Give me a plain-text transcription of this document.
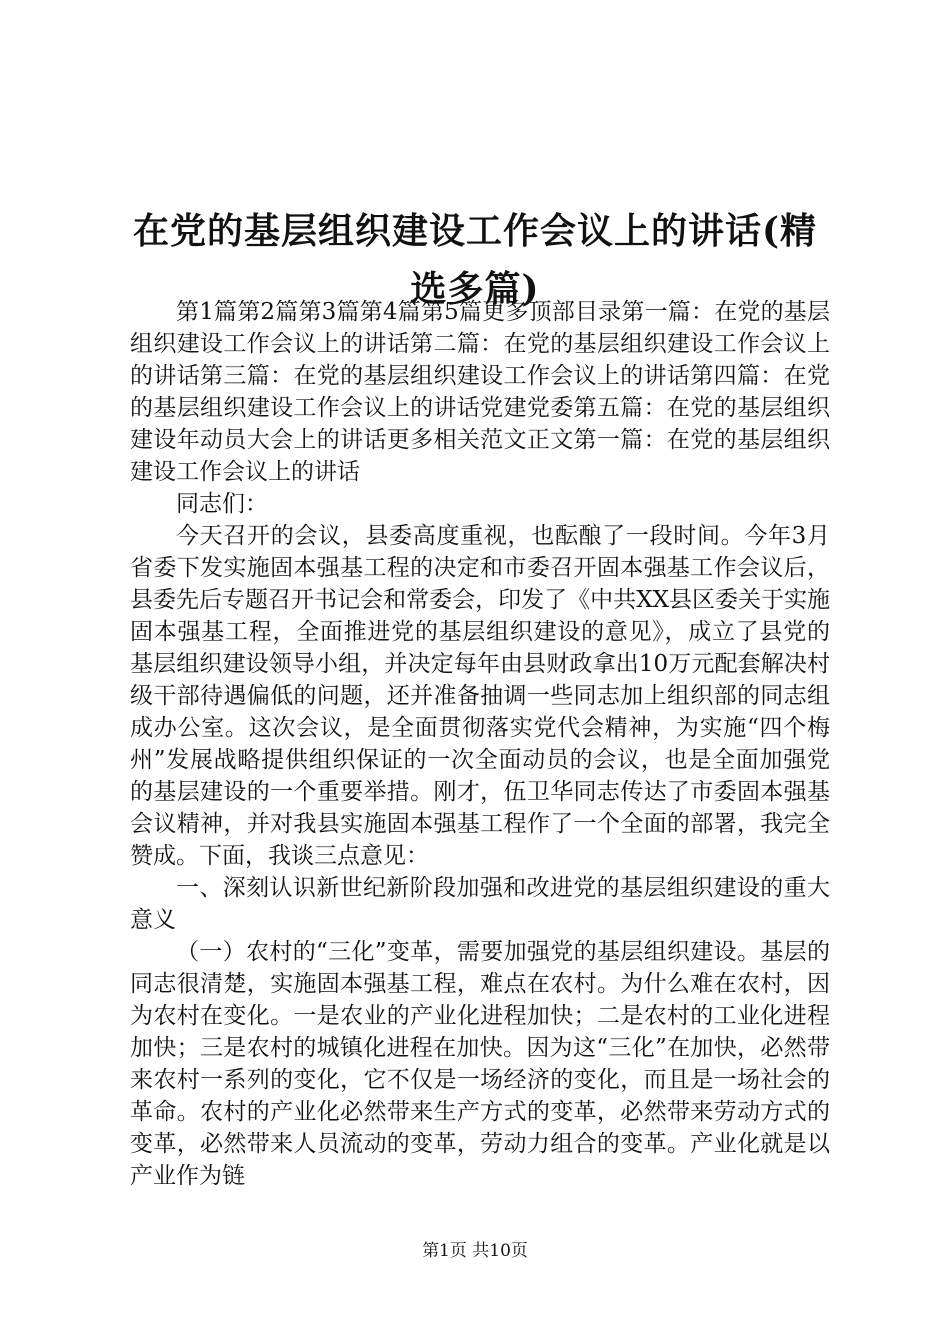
在党的基层组织建设工作会议上的讲话(精选多篇)

第1篇第2篇第3篇第4篇第5篇更多顶部目录第一篇：在党的基层组织建设工作会议上的讲话第二篇：在党的基层组织建设工作会议上的讲话第三篇：在党的基层组织建设工作会议上的讲话第四篇：在党的基层组织建设工作会议上的讲话党建党委第五篇：在党的基层组织建设年动员大会上的讲话更多相关范文正文第一篇：在党的基层组织建设工作会议上的讲话

同志们：

今天召开的会议，县委高度重视，也酝酿了一段时间。今年3月省委下发实施固本强基工程的决定和市委召开固本强基工作会议后，县委先后专题召开书记会和常委会，印发了《中共XX县区委关于实施固本强基工程，全面推进党的基层组织建设的意见》，成立了县党的基层组织建设领导小组，并决定每年由县财政拿出10万元配套解决村级干部待遇偏低的问题，还并准备抽调一些同志加上组织部的同志组成办公室。这次会议，是全面贯彻落实党代会精神，为实施“四个梅州”发展战略提供组织保证的一次全面动员的会议，也是全面加强党的基层建设的一个重要举措。刚才，伍卫华同志传达了市委固本强基会议精神，并对我县实施固本强基工程作了一个全面的部署，我完全赞成。下面，我谈三点意见：

一、深刻认识新世纪新阶段加强和改进党的基层组织建设的重大意义

（一）农村的“三化”变革，需要加强党的基层组织建设。基层的同志很清楚，实施固本强基工程，难点在农村。为什么难在农村，因为农村在变化。一是农业的产业化进程加快；二是农村的工业化进程加快；三是农村的城镇化进程在加快。因为这“三化”在加快，必然带来农村一系列的变化，它不仅是一场经济的变化，而且是一场社会的革命。农村的产业化必然带来生产方式的变革，必然带来劳动方式的变革，必然带来人员流动的变革，劳动力组合的变革。产业化就是以产业作为链

第1页 共10页
